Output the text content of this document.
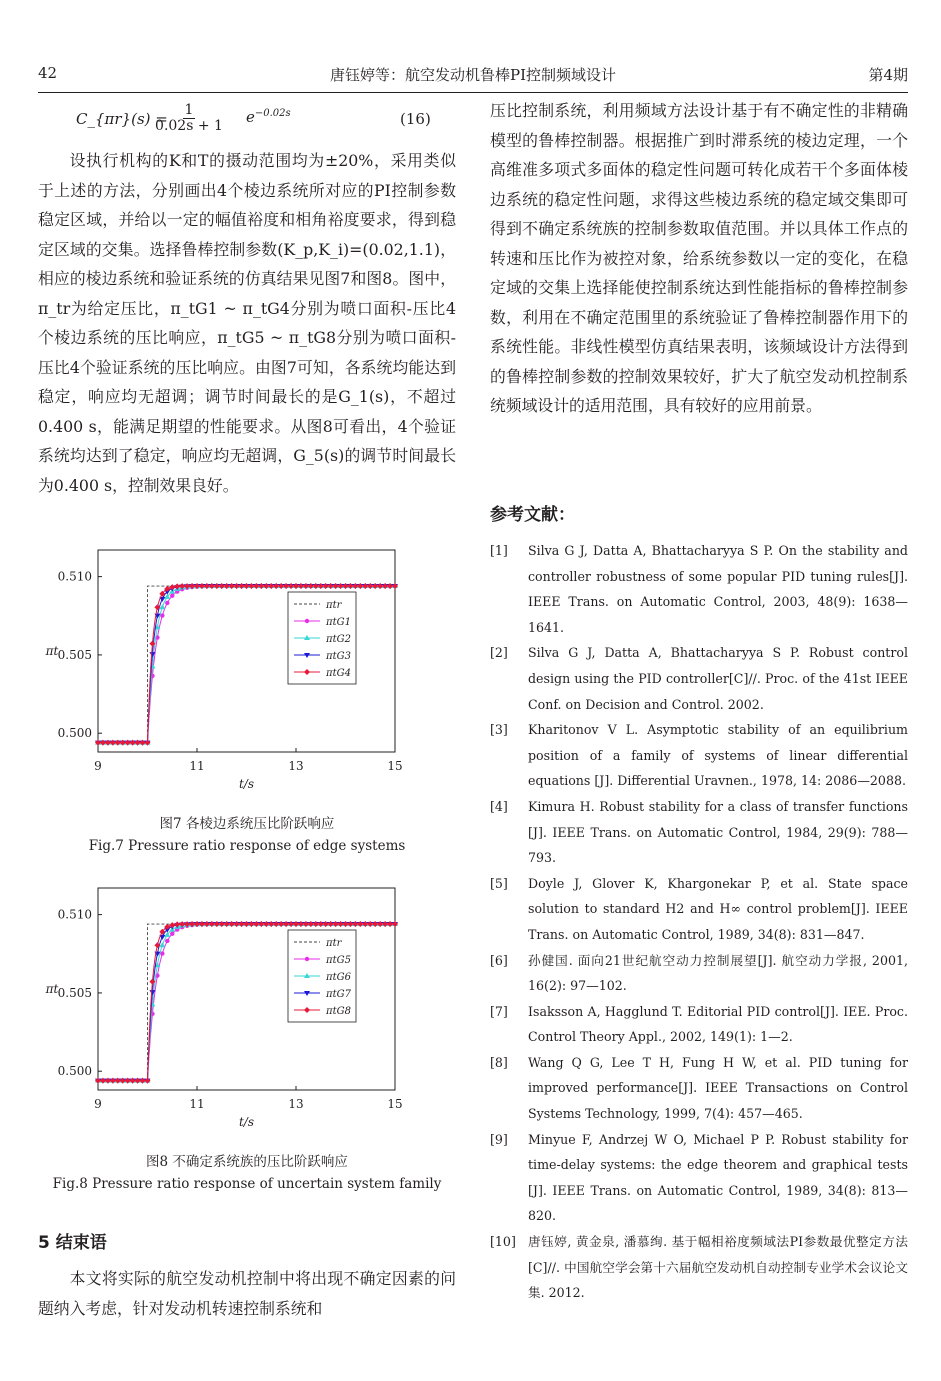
42	唐钰婷等：航空发动机鲁棒PI控制频域设计	第4期
C_{πr}(s) =	1
0.02s + 1	$e^{-0.02s}$	(16)

设执行机构的K和T的摄动范围均为±20%，采用类似于上述的方法，分别画出4个棱边系统所对应的PI控制参数稳定区域，并给以一定的幅值裕度和相角裕度要求，得到稳定区域的交集。选择鲁棒控制参数(K_p,K_i)=(0.02,1.1)，相应的棱边系统和验证系统的仿真结果见图7和图8。图中，π_tr为给定压比，π_tG1 ~ π_tG4分别为喷口面积-压比4个棱边系统的压比响应，π_tG5 ~ π_tG8分别为喷口面积-压比4个验证系统的压比响应。由图7可知，各系统均能达到稳定，响应均无超调；调节时间最长的是G_1(s)，不超过0.400 s，能满足期望的性能要求。从图8可看出，4个验证系统均达到了稳定，响应均无超调，G_5(s)的调节时间最长为0.400 s，控制效果良好。

9	11	13	15
0.500
0.505
0.510
t/s
πt
πtr
πtG1
πtG2
πtG3
πtG4
图7 各棱边系统压比阶跃响应
Fig.7 Pressure ratio response of edge systems
9	11	13	15
0.500
0.505
0.510
t/s
πt
πtr
πtG5
πtG6
πtG7
πtG8
图8 不确定系统族的压比阶跃响应
Fig.8 Pressure ratio response of uncertain system family
5 结束语

本文将实际的航空发动机控制中将出现不确定因素的问题纳入考虑，针对发动机转速控制系统和

压比控制系统，利用频域方法设计基于有不确定性的非精确模型的鲁棒控制器。根据推广到时滞系统的棱边定理，一个高维准多项式多面体的稳定性问题可转化成若干个多面体棱边系统的稳定性问题，求得这些棱边系统的稳定域交集即可得到不确定系统族的控制参数取值范围。并以具体工作点的转速和压比作为被控对象，给系统参数以一定的变化，在稳定域的交集上选择能使控制系统达到性能指标的鲁棒控制参数，利用在不确定范围里的系统验证了鲁棒控制器作用下的系统性能。非线性模型仿真结果表明，该频域设计方法得到的鲁棒控制参数的控制效果较好，扩大了航空发动机控制系统频域设计的适用范围，具有较好的应用前景。

参考文献：
[1] Silva G J, Datta A, Bhattacharyya S P. On the stability and controller robustness of some popular PID tuning rules[J]. IEEE Trans. on Automatic Control, 2003, 48(9): 1638—1641.
[2] Silva G J, Datta A, Bhattacharyya S P. Robust control design using the PID controller[C]//. Proc. of the 41st IEEE Conf. on Decision and Control. 2002.
[3] Kharitonov V L. Asymptotic stability of an equilibrium position of a family of systems of linear differential equations [J]. Differential Uravnen., 1978, 14: 2086—2088.
[4] Kimura H. Robust stability for a class of transfer functions [J]. IEEE Trans. on Automatic Control, 1984, 29(9): 788—793.
[5] Doyle J, Glover K, Khargonekar P, et al. State space solution to standard H2 and H∞ control problem[J]. IEEE Trans. on Automatic Control, 1989, 34(8): 831—847.
[6] 孙健国. 面向21世纪航空动力控制展望[J]. 航空动力学报, 2001, 16(2): 97—102.
[7] Isaksson A, Hagglund T. Editorial PID control[J]. IEE. Proc. Control Theory Appl., 2002, 149(1): 1—2.
[8] Wang Q G, Lee T H, Fung H W, et al. PID tuning for improved performance[J]. IEEE Transactions on Control Systems Technology, 1999, 7(4): 457—465.
[9] Minyue F, Andrzej W O, Michael P P. Robust stability for time-delay systems: the edge theorem and graphical tests [J]. IEEE Trans. on Automatic Control, 1989, 34(8): 813—820.
[10] 唐钰婷, 黄金泉, 潘慕绚. 基于幅相裕度频域法PI参数最优整定方法[C]//. 中国航空学会第十六届航空发动机自动控制专业学术会议论文集. 2012.
